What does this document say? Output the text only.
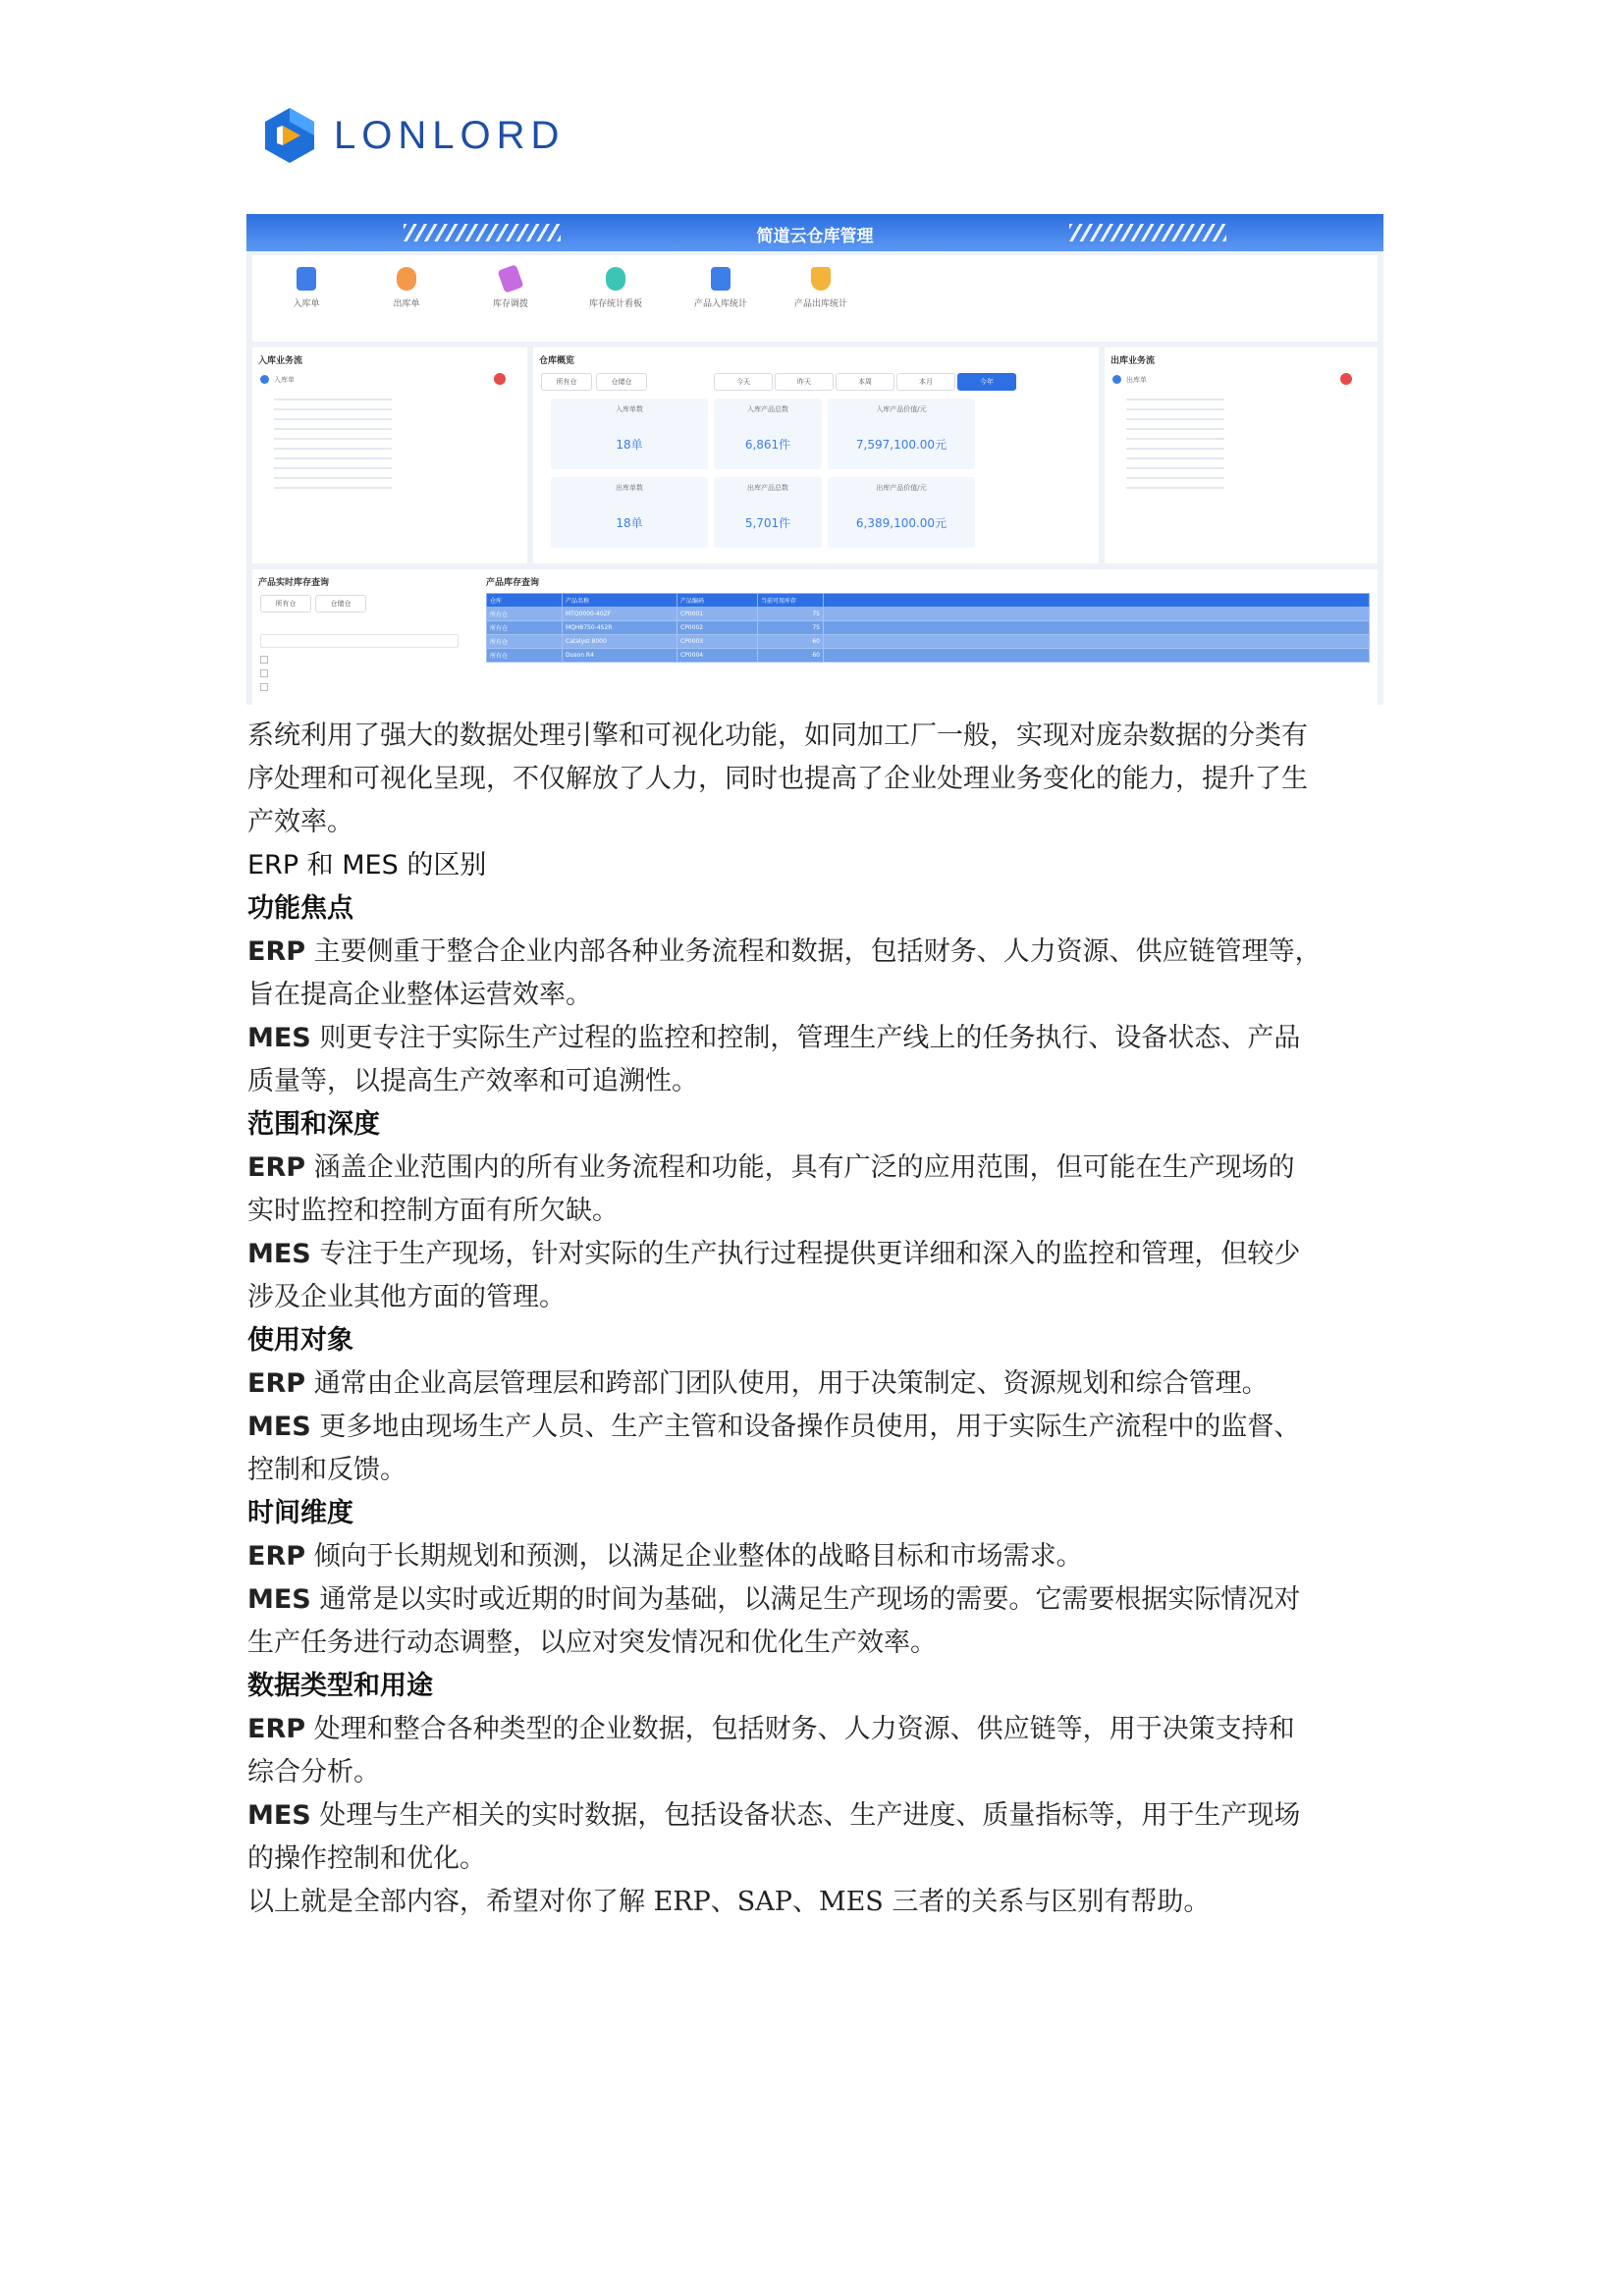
LONLORD
简道云仓库管理
入库单	出库单	库存调拨	库存统计看板	产品入库统计	产品出库统计
入库业务流
入库单
仓库概览
所有仓	仓储仓	今天	昨天	本周	本月	今年
入库单数
18单
入库产品总数
6,861件
入库产品价值/元
7,597,100.00元
出库单数
18单
出库产品总数
5,701件
出库产品价值/元
6,389,100.00元
出库业务流
出库单
产品实时库存查询
所有仓	仓储仓
产品库存查询
仓库	产品名称	产品编码	当前可用库存	
所有仓	MTQ0000-40ZF	CP0001	75	
所有仓	MQH8750-4S2R	CP0002	75	
所有仓	Catalyst 8000	CP0003	60	
所有仓	Duson R4	CP0004	60	

系统利用了强大的数据处理引擎和可视化功能，如同加工厂一般，实现对庞杂数据的分类有

序处理和可视化呈现，不仅解放了人力，同时也提高了企业处理业务变化的能力，提升了生

产效率。

ERP 和 MES 的区别

功能焦点

ERP 主要侧重于整合企业内部各种业务流程和数据，包括财务、人力资源、供应链管理等，

旨在提高企业整体运营效率。

MES 则更专注于实际生产过程的监控和控制，管理生产线上的任务执行、设备状态、产品

质量等，以提高生产效率和可追溯性。

范围和深度

ERP 涵盖企业范围内的所有业务流程和功能，具有广泛的应用范围，但可能在生产现场的

实时监控和控制方面有所欠缺。

MES 专注于生产现场，针对实际的生产执行过程提供更详细和深入的监控和管理，但较少

涉及企业其他方面的管理。

使用对象

ERP 通常由企业高层管理层和跨部门团队使用，用于决策制定、资源规划和综合管理。

MES 更多地由现场生产人员、生产主管和设备操作员使用，用于实际生产流程中的监督、

控制和反馈。

时间维度

ERP 倾向于长期规划和预测，以满足企业整体的战略目标和市场需求。

MES 通常是以实时或近期的时间为基础，以满足生产现场的需要。它需要根据实际情况对

生产任务进行动态调整，以应对突发情况和优化生产效率。

数据类型和用途

ERP 处理和整合各种类型的企业数据，包括财务、人力资源、供应链等，用于决策支持和

综合分析。

MES 处理与生产相关的实时数据，包括设备状态、生产进度、质量指标等，用于生产现场

的操作控制和优化。

以上就是全部内容，希望对你了解 ERP、SAP、MES 三者的关系与区别有帮助。
